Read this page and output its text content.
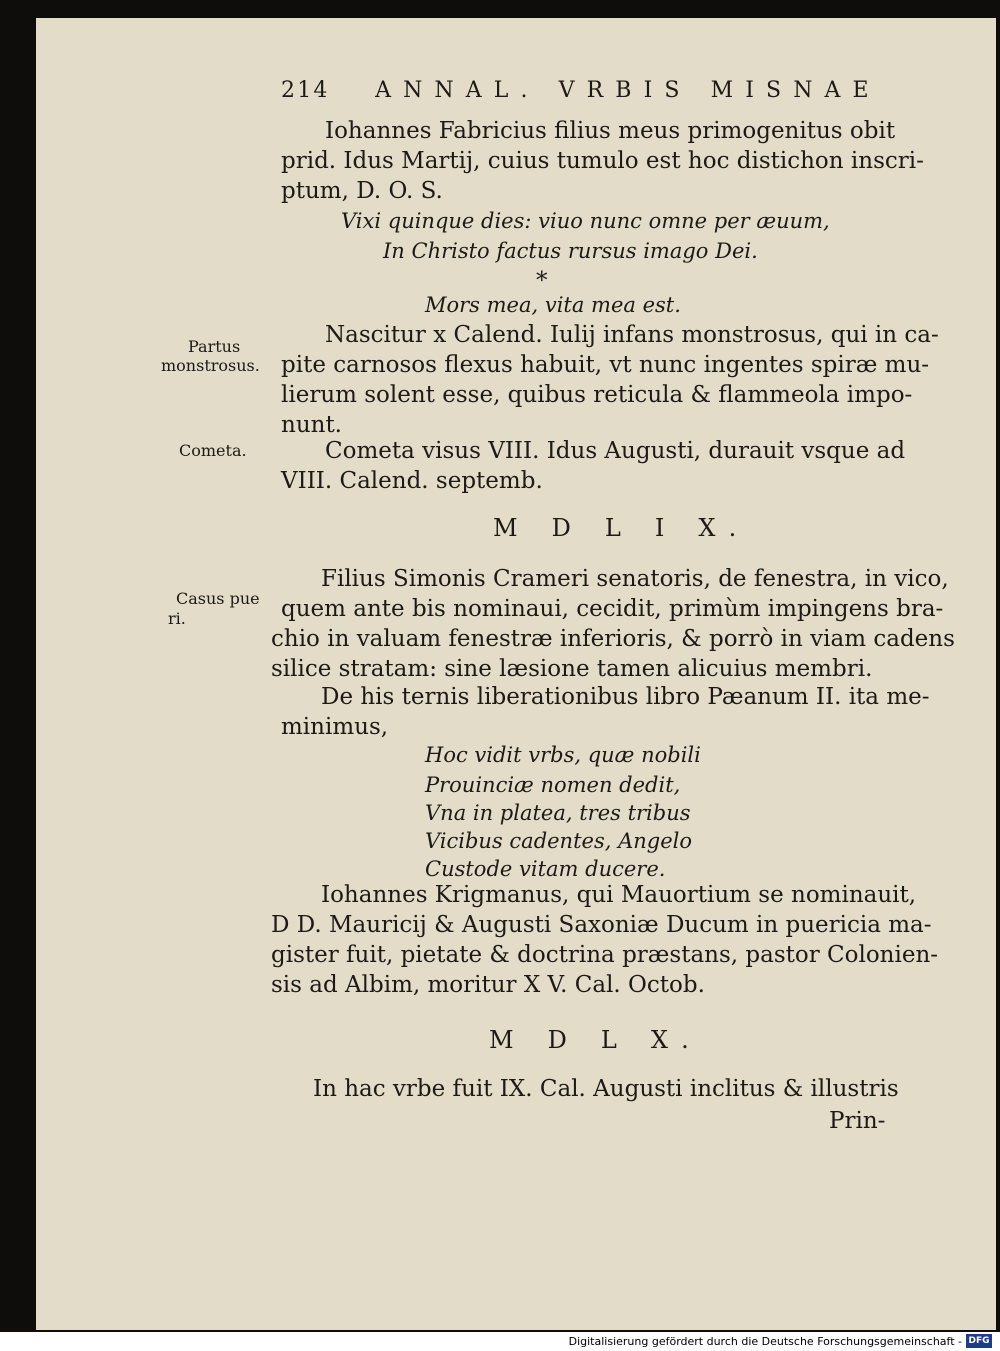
214 ANNAL. VRBIS MISNAE
Iohannes Fabricius filius meus primogenitus obit
prid. Idus Martij, cuius tumulo est hoc distichon inscri-
ptum, D. O. S.
Vixi quinque dies: viuo nunc omne per æuum,
In Christo factus rursus imago Dei.
*
Mors mea, vita mea est.
Partus
monstrosus.
Nascitur x Calend. Iulij infans monstrosus, qui in ca-
pite carnosos flexus habuit, vt nunc ingentes spiræ mu-
lierum solent esse, quibus reticula & flammeola impo-
nunt.
Cometa.	Cometa visus VIII. Idus Augusti, durauit vsque ad
VIII. Calend. septemb.
M D L I X.
Casus pue
ri.
Filius Simonis Crameri senatoris, de fenestra, in vico,
quem ante bis nominaui, cecidit, primùm impingens bra-
chio in valuam fenestræ inferioris, & porrò in viam cadens
silice stratam: sine læsione tamen alicuius membri.
De his ternis liberationibus libro Pæanum II. ita me-
minimus,
Hoc vidit vrbs, quæ nobili
Prouinciæ nomen dedit,
Vna in platea, tres tribus
Vicibus cadentes, Angelo
Custode vitam ducere.
Iohannes Krigmanus, qui Mauortium se nominauit,
D D. Mauricij & Augusti Saxoniæ Ducum in puericia ma-
gister fuit, pietate & doctrina præstans, pastor Colonien-
sis ad Albim, moritur X V. Cal. Octob.
M D L X.
In hac vrbe fuit IX. Cal. Augusti inclitus & illustris
Prin-
Digitalisierung gefördert durch die Deutsche Forschungsgemeinschaft - DFG
